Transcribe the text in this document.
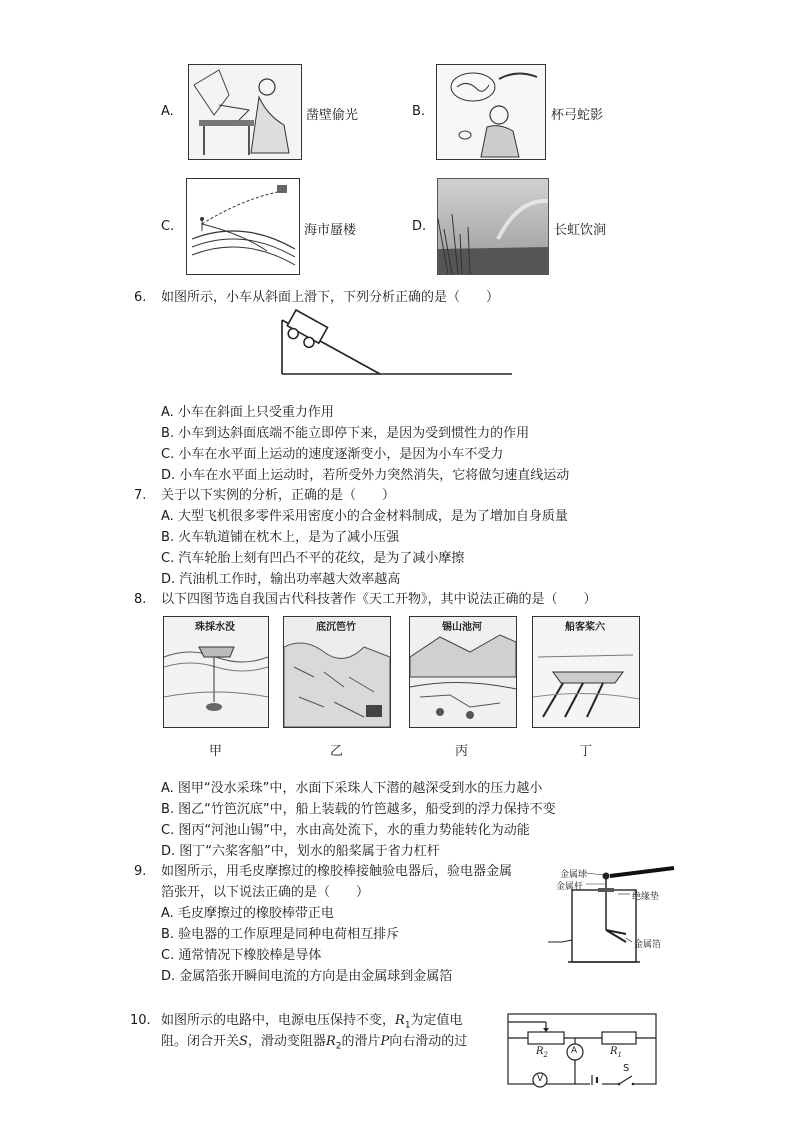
A.	凿壁偷光	B.	杯弓蛇影
C.	海市蜃楼	D.	长虹饮涧
6. 如图所示，小车从斜面上滑下，下列分析正确的是（　　）
A. 小车在斜面上只受重力作用
B. 小车到达斜面底端不能立即停下来，是因为受到惯性力的作用
C. 小车在水平面上运动的速度逐渐变小，是因为小车不受力
D. 小车在水平面上运动时，若所受外力突然消失，它将做匀速直线运动
7. 关于以下实例的分析，正确的是（　　）
A. 大型飞机很多零件采用密度小的合金材料制成，是为了增加自身质量
B. 火车轨道铺在枕木上，是为了减小压强
C. 汽车轮胎上刻有凹凸不平的花纹，是为了减小摩擦
D. 汽油机工作时，输出功率越大效率越高
8. 以下四图节选自我国古代科技著作《天工开物》，其中说法正确的是（　　）
珠採水没	底沉笆竹	锡山池河	船客桨六
甲	乙	丙	丁
A. 图甲“没水采珠”中，水面下采珠人下潜的越深受到水的压力越小
B. 图乙“竹笆沉底”中，船上装载的竹笆越多，船受到的浮力保持不变
C. 图丙“河池山锡”中，水由高处流下，水的重力势能转化为动能
D. 图丁“六桨客船”中，划水的船桨属于省力杠杆
9. 如图所示，用毛皮摩擦过的橡胶棒接触验电器后，验电器金属
箔张开，以下说法正确的是（　　）
A. 毛皮摩擦过的橡胶棒带正电
B. 验电器的工作原理是同种电荷相互排斥
C. 通常情况下橡胶棒是导体
D. 金属箔张开瞬间电流的方向是由金属球到金属箔
金属球
金属杆
绝缘垫
金属箔
10. 如图所示的电路中，电源电压保持不变，$R_1$为定值电
阻。闭合开关S，滑动变阻器$R_2$的滑片P向右滑动的过
$R_2$	$R_1$
A
V
S
